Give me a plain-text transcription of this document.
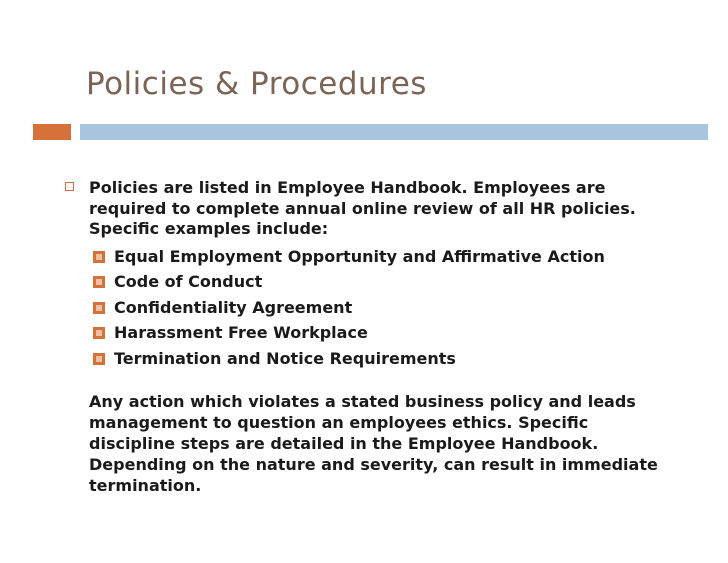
Policies & Procedures
Policies are listed in Employee Handbook. Employees are required to complete annual online review of all HR policies. Specific examples include:
Equal Employment Opportunity and Affirmative Action
Code of Conduct
Confidentiality Agreement
Harassment Free Workplace
Termination and Notice Requirements
Any action which violates a stated business policy and leads management to question an employees ethics. Specific discipline steps are detailed in the Employee Handbook. Depending on the nature and severity, can result in immediate termination.
